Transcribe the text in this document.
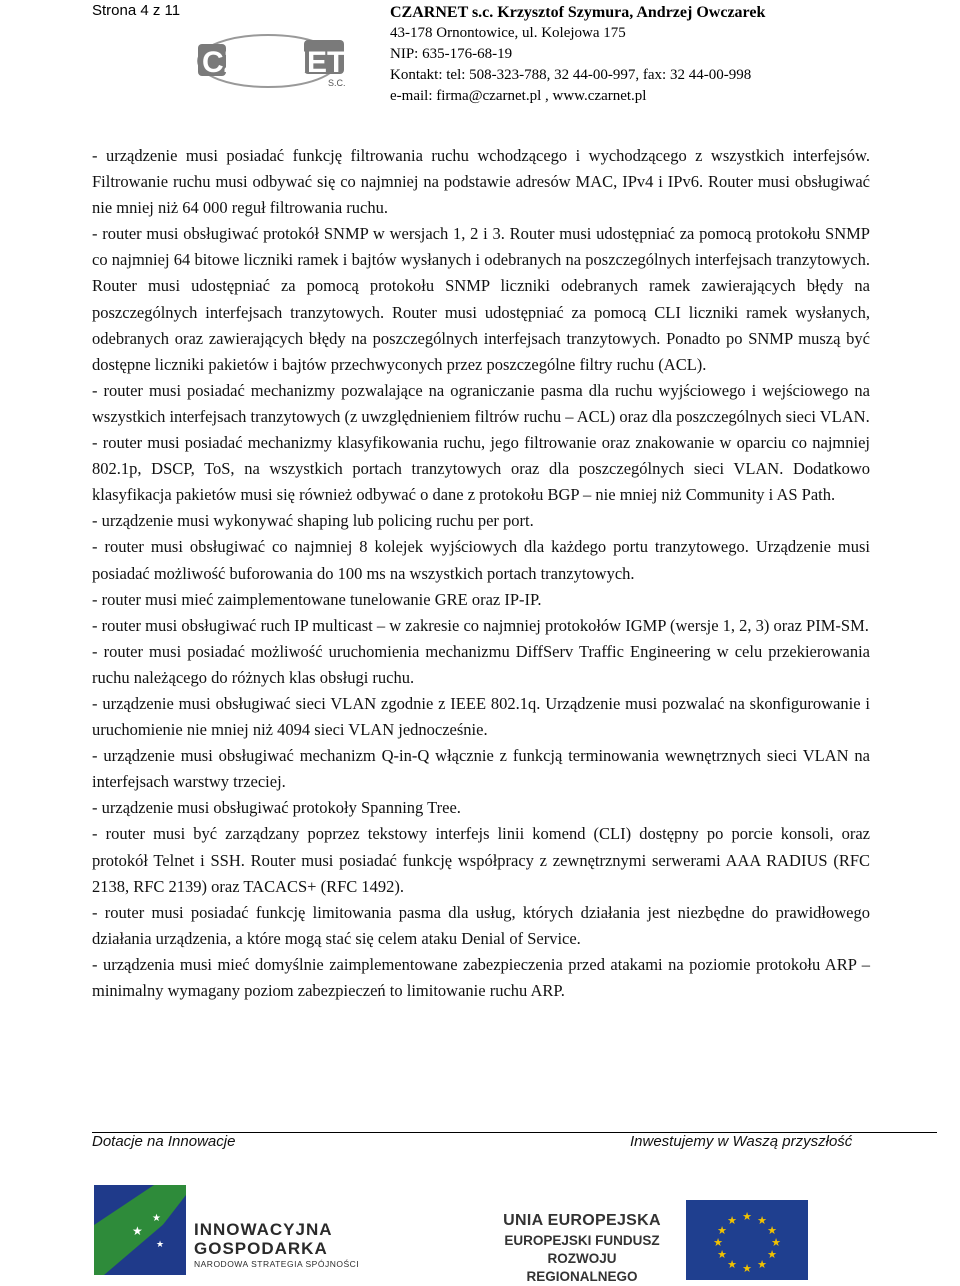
Strona 4 z 11
CZARNET
S.C.
CZARNET s.c. Krzysztof Szymura, Andrzej Owczarek
43-178 Ornontowice, ul. Kolejowa 175
NIP: 635-176-68-19
Kontakt: tel: 508-323-788, 32 44-00-997, fax: 32 44-00-998
e-mail: firma@czarnet.pl , www.czarnet.pl

- urządzenie musi posiadać funkcję filtrowania ruchu wchodzącego i wychodzącego z wszystkich interfejsów. Filtrowanie ruchu musi odbywać się co najmniej na podstawie adresów MAC, IPv4 i IPv6. Router musi obsługiwać nie mniej niż 64 000 reguł filtrowania ruchu.

- router musi obsługiwać protokół SNMP w wersjach 1, 2 i 3. Router musi udostępniać za pomocą protokołu SNMP co najmniej 64 bitowe liczniki ramek i bajtów wysłanych i odebranych na poszczególnych interfejsach tranzytowych. Router musi udostępniać za pomocą protokołu SNMP liczniki odebranych ramek zawierających błędy na poszczególnych interfejsach tranzytowych. Router musi udostępniać za pomocą CLI liczniki ramek wysłanych, odebranych oraz zawierających błędy na poszczególnych interfejsach tranzytowych. Ponadto po SNMP muszą być dostępne liczniki pakietów i bajtów przechwyconych przez poszczególne filtry ruchu (ACL).

- router musi posiadać mechanizmy pozwalające na ograniczanie pasma dla ruchu wyjściowego i wejściowego na wszystkich interfejsach tranzytowych (z uwzględnieniem filtrów ruchu – ACL) oraz dla poszczególnych sieci VLAN.

- router musi posiadać mechanizmy klasyfikowania ruchu, jego filtrowanie oraz znakowanie w oparciu co najmniej 802.1p, DSCP, ToS, na wszystkich portach tranzytowych oraz dla poszczególnych sieci VLAN. Dodatkowo klasyfikacja pakietów musi się również odbywać o dane z protokołu BGP – nie mniej niż Community i AS Path.

- urządzenie musi wykonywać shaping lub policing ruchu per port.

- router musi obsługiwać co najmniej 8 kolejek wyjściowych dla każdego portu tranzytowego. Urządzenie musi posiadać możliwość buforowania do 100 ms na wszystkich portach tranzytowych.

- router musi mieć zaimplementowane tunelowanie GRE oraz IP-IP.

- router musi obsługiwać ruch IP multicast – w zakresie co najmniej protokołów IGMP (wersje 1, 2, 3) oraz PIM-SM.

- router musi posiadać możliwość uruchomienia mechanizmu DiffServ Traffic Engineering w celu przekierowania ruchu należącego do różnych klas obsługi ruchu.

- urządzenie musi obsługiwać sieci VLAN zgodnie z IEEE 802.1q. Urządzenie musi pozwalać na skonfigurowanie i uruchomienie nie mniej niż 4094 sieci VLAN jednocześnie.

- urządzenie musi obsługiwać mechanizm Q-in-Q włącznie z funkcją terminowania wewnętrznych sieci VLAN na interfejsach warstwy trzeciej.

- urządzenie musi obsługiwać protokoły Spanning Tree.

- router musi być zarządzany poprzez tekstowy interfejs linii komend (CLI) dostępny po porcie konsoli, oraz protokół Telnet i SSH. Router musi posiadać funkcję współpracy z zewnętrznymi serwerami AAA RADIUS (RFC 2138, RFC 2139) oraz TACACS+ (RFC 1492).

- router musi posiadać funkcję limitowania pasma dla usług, których działania jest niezbędne do prawidłowego działania urządzenia, a które mogą stać się celem ataku Denial of Service.

- urządzenia musi mieć domyślnie zaimplementowane zabezpieczenia przed atakami na poziomie protokołu ARP – minimalny wymagany poziom zabezpieczeń to limitowanie ruchu ARP.

Dotacje na Innowacje	Inwestujemy w Waszą przyszłość
★
★
★
INNOWACYJNA
GOSPODARKA
NARODOWA STRATEGIA SPÓJNOŚCI
UNIA EUROPEJSKA
EUROPEJSKI FUNDUSZ
ROZWOJU REGIONALNEGO
★ ★
★
★
★
★
★
★
★
★
★
★
